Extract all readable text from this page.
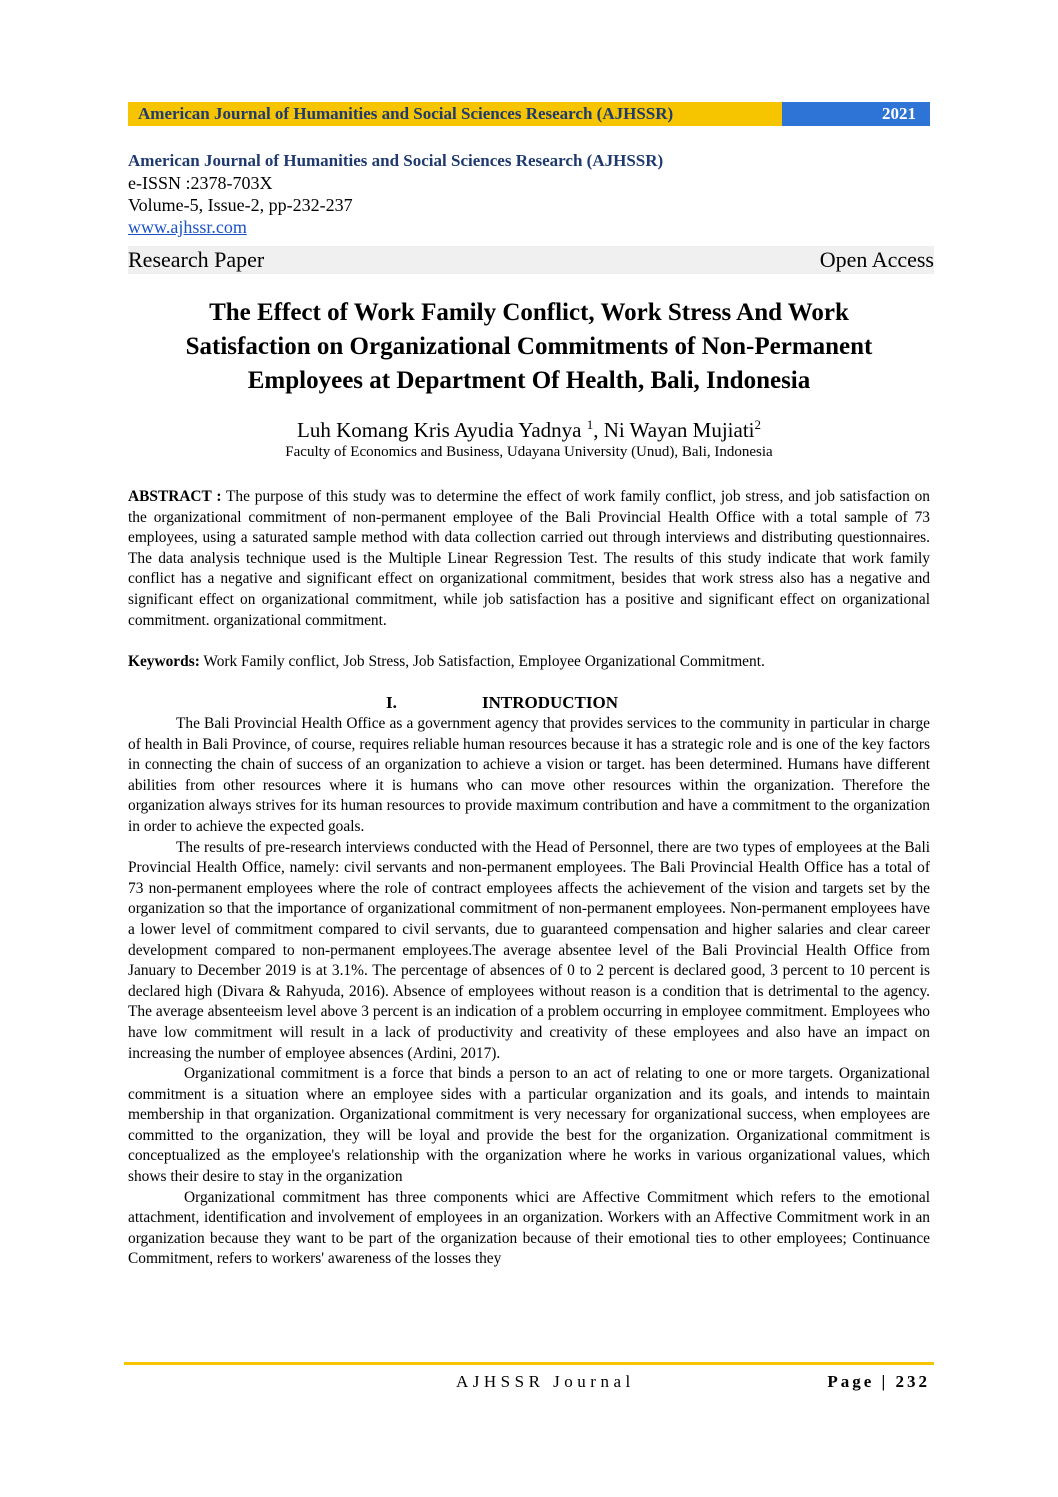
American Journal of Humanities and Social Sciences Research (AJHSSR)	2021
American Journal of Humanities and Social Sciences Research (AJHSSR)
e-ISSN :2378-703X
Volume-5, Issue-2, pp-232-237
www.ajhssr.com
Research Paper	Open Access
The Effect of Work Family Conflict, Work Stress And Work
Satisfaction on Organizational Commitments of Non-Permanent
Employees at Department Of Health, Bali, Indonesia
Luh Komang Kris Ayudia Yadnya $^1$, Ni Wayan Mujiati$^2$
Faculty of Economics and Business, Udayana University (Unud), Bali, Indonesia
ABSTRACT : The purpose of this study was to determine the effect of work family conflict, job stress, and job satisfaction on the organizational commitment of non-permanent employee of the Bali Provincial Health Office with a total sample of 73 employees, using a saturated sample method with data collection carried out through interviews and distributing questionnaires. The data analysis technique used is the Multiple Linear Regression Test. The results of this study indicate that work family conflict has a negative and significant effect on organizational commitment, besides that work stress also has a negative and significant effect on organizational commitment, while job satisfaction has a positive and significant effect on organizational commitment. organizational commitment.
Keywords: Work Family conflict, Job Stress, Job Satisfaction, Employee Organizational Commitment.
I.	INTRODUCTION

The Bali Provincial Health Office as a government agency that provides services to the community in particular in charge of health in Bali Province, of course, requires reliable human resources because it has a strategic role and is one of the key factors in connecting the chain of success of an organization to achieve a vision or target. has been determined. Humans have different abilities from other resources where it is humans who can move other resources within the organization. Therefore the organization always strives for its human resources to provide maximum contribution and have a commitment to the organization in order to achieve the expected goals.

The results of pre-research interviews conducted with the Head of Personnel, there are two types of employees at the Bali Provincial Health Office, namely: civil servants and non-permanent employees. The Bali Provincial Health Office has a total of 73 non-permanent employees where the role of contract employees affects the achievement of the vision and targets set by the organization so that the importance of organizational commitment of non-permanent employees. Non-permanent employees have a lower level of commitment compared to civil servants, due to guaranteed compensation and higher salaries and clear career development compared to non-permanent employees.The average absentee level of the Bali Provincial Health Office from January to December 2019 is at 3.1%. The percentage of absences of 0 to 2 percent is declared good, 3 percent to 10 percent is declared high (Divara & Rahyuda, 2016). Absence of employees without reason is a condition that is detrimental to the agency. The average absenteeism level above 3 percent is an indication of a problem occurring in employee commitment. Employees who have low commitment will result in a lack of productivity and creativity of these employees and also have an impact on increasing the number of employee absences (Ardini, 2017).

Organizational commitment is a force that binds a person to an act of relating to one or more targets. Organizational commitment is a situation where an employee sides with a particular organization and its goals, and intends to maintain membership in that organization. Organizational commitment is very necessary for organizational success, when employees are committed to the organization, they will be loyal and provide the best for the organization. Organizational commitment is conceptualized as the employee's relationship with the organization where he works in various organizational values, which shows their desire to stay in the organization

Organizational commitment has three components whici are Affective Commitment which refers to the emotional attachment, identification and involvement of employees in an organization. Workers with an Affective Commitment work in an organization because they want to be part of the organization because of their emotional ties to other employees; Continuance Commitment, refers to workers' awareness of the losses they

AJHSSR Journal	Page | 232
